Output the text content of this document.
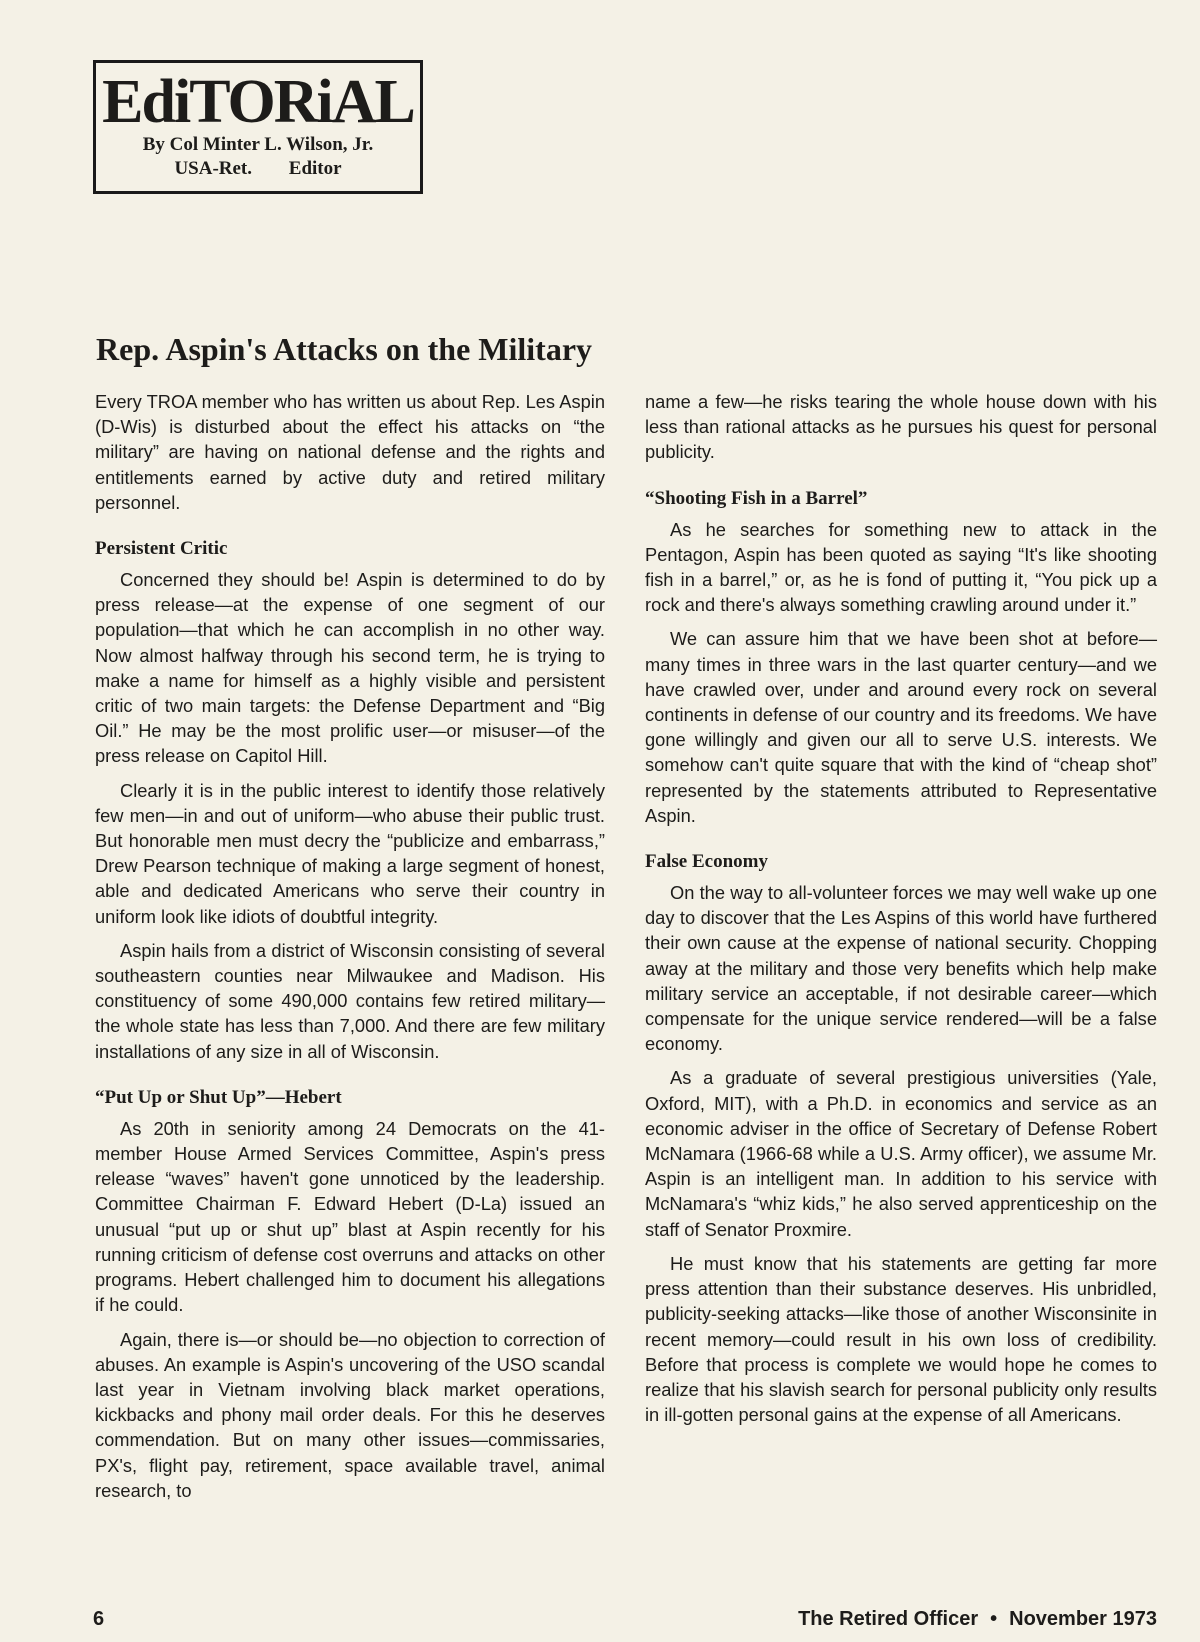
EdiTORiAL
By Col Minter L. Wilson, Jr.
USA-Ret. Editor
Rep. Aspin's Attacks on the Military

Every TROA member who has written us about Rep. Les Aspin (D-Wis) is disturbed about the effect his attacks on “the military” are having on national defense and the rights and entitlements earned by active duty and retired military personnel.

Persistent Critic

Concerned they should be! Aspin is determined to do by press release—at the expense of one segment of our population—that which he can accomplish in no other way. Now almost halfway through his second term, he is trying to make a name for himself as a highly visible and persistent critic of two main targets: the Defense Department and “Big Oil.” He may be the most prolific user—or misuser—of the press release on Capitol Hill.

Clearly it is in the public interest to identify those relatively few men—in and out of uniform—who abuse their public trust. But honorable men must decry the “publicize and embarrass,” Drew Pearson technique of making a large segment of honest, able and dedicated Americans who serve their country in uniform look like idiots of doubtful integrity.

Aspin hails from a district of Wisconsin consisting of several southeastern counties near Milwaukee and Madison. His constituency of some 490,000 contains few retired military—the whole state has less than 7,000. And there are few military installations of any size in all of Wisconsin.

“Put Up or Shut Up”—Hebert

As 20th in seniority among 24 Democrats on the 41-member House Armed Services Committee, Aspin's press release “waves” haven't gone unnoticed by the leadership. Committee Chairman F. Edward Hebert (D-La) issued an unusual “put up or shut up” blast at Aspin recently for his running criticism of defense cost overruns and attacks on other programs. Hebert challenged him to document his allegations if he could.

Again, there is—or should be—no objection to correction of abuses. An example is Aspin's uncovering of the USO scandal last year in Vietnam involving black market operations, kickbacks and phony mail order deals. For this he deserves commendation. But on many other issues—commissaries, PX's, flight pay, retirement, space available travel, animal research, to

name a few—he risks tearing the whole house down with his less than rational attacks as he pursues his quest for personal publicity.

“Shooting Fish in a Barrel”

As he searches for something new to attack in the Pentagon, Aspin has been quoted as saying “It's like shooting fish in a barrel,” or, as he is fond of putting it, “You pick up a rock and there's always something crawling around under it.”

We can assure him that we have been shot at before—many times in three wars in the last quarter century—and we have crawled over, under and around every rock on several continents in defense of our country and its freedoms. We have gone willingly and given our all to serve U.S. interests. We somehow can't quite square that with the kind of “cheap shot” represented by the statements attributed to Representative Aspin.

False Economy

On the way to all-volunteer forces we may well wake up one day to discover that the Les Aspins of this world have furthered their own cause at the expense of national security. Chopping away at the military and those very benefits which help make military service an acceptable, if not desirable career—which compensate for the unique service rendered—will be a false economy.

As a graduate of several prestigious universities (Yale, Oxford, MIT), with a Ph.D. in economics and service as an economic adviser in the office of Secretary of Defense Robert McNamara (1966-68 while a U.S. Army officer), we assume Mr. Aspin is an intelligent man. In addition to his service with McNamara's “whiz kids,” he also served apprenticeship on the staff of Senator Proxmire.

He must know that his statements are getting far more press attention than their substance deserves. His unbridled, publicity-seeking attacks—like those of another Wisconsinite in recent memory—could result in his own loss of credibility. Before that process is complete we would hope he comes to realize that his slavish search for personal publicity only results in ill-gotten personal gains at the expense of all Americans.

6	The Retired Officer • November 1973
